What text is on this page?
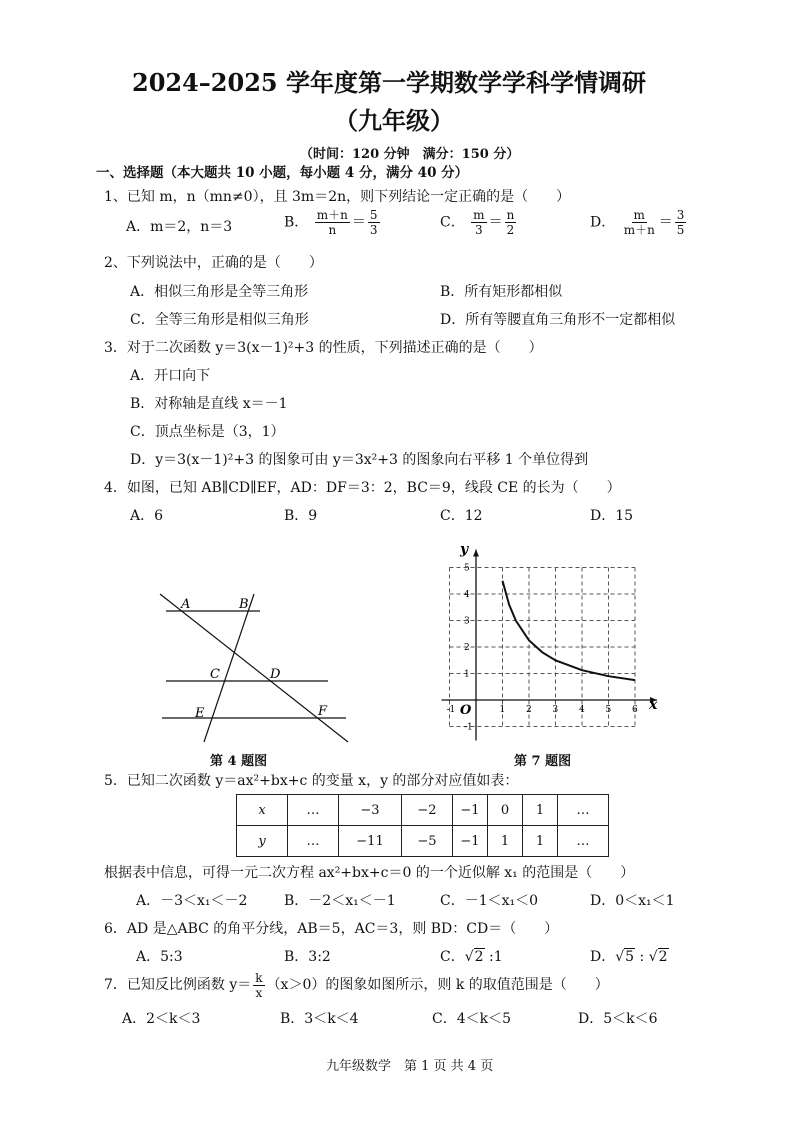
2024–2025 学年度第一学期数学学科学情调研
（九年级）
（时间：120 分钟　满分：150 分）
一、选择题（本大题共 10 小题，每小题 4 分，满分 40 分）
1、已知 m，n（mn≠0），且 3m＝2n，则下列结论一定正确的是（　　）
A．m＝2，n＝3	B． $\frac{m+n}{n} = \frac{5}{3}$	C． $\frac{m}{3} = \frac{n}{2}$	D． $\frac{m}{m+n} = \frac{3}{5}$
2、下列说法中，正确的是（　　）
A．相似三角形是全等三角形	B．所有矩形都相似
C．全等三角形是相似三角形	D．所有等腰直角三角形不一定都相似
3．对于二次函数 y＝3(x－1)²+3 的性质，下列描述正确的是（　　）
A．开口向下
B．对称轴是直线 x＝－1
C．顶点坐标是（3，1）
D．y＝3(x－1)²+3 的图象可由 y＝3x²+3 的图象向右平移 1 个单位得到
4．如图，已知 AB∥CD∥EF，AD：DF＝3：2，BC＝9，线段 CE 的长为（　　）
A．6	B．9	C．12	D．15
A	B
C	D
E	F
第 4 题图
-1	1 2 3 4 5 6
5
4
3
2
1
-1
x
y
O
第 7 题图
5．已知二次函数 y＝ax²+bx+c 的变量 x，y 的部分对应值如表：
x	…	−3	−2	−1	0	1	…
y	…	−11	−5	−1	1	1	…
根据表中信息，可得一元二次方程 ax²+bx+c＝0 的一个近似解 x₁ 的范围是（　　）
A．－3＜x₁＜－2	B．－2＜x₁＜－1	C．－1＜x₁＜0	D．0＜x₁＜1
6．AD 是△ABC 的角平分线，AB＝5，AC＝3，则 BD：CD＝（　　）
A．5:3	B．3:2	C．√2 :1	D．√5 : √2
7．已知反比例函数 $y= \frac{k}{x} (x>0)$的图象如图所示，则 k 的取值范围是（　　）
A．2＜k＜3	B．3＜k＜4	C．4＜k＜5	D．5＜k＜6
九年级数学　第 1 页 共 4 页
